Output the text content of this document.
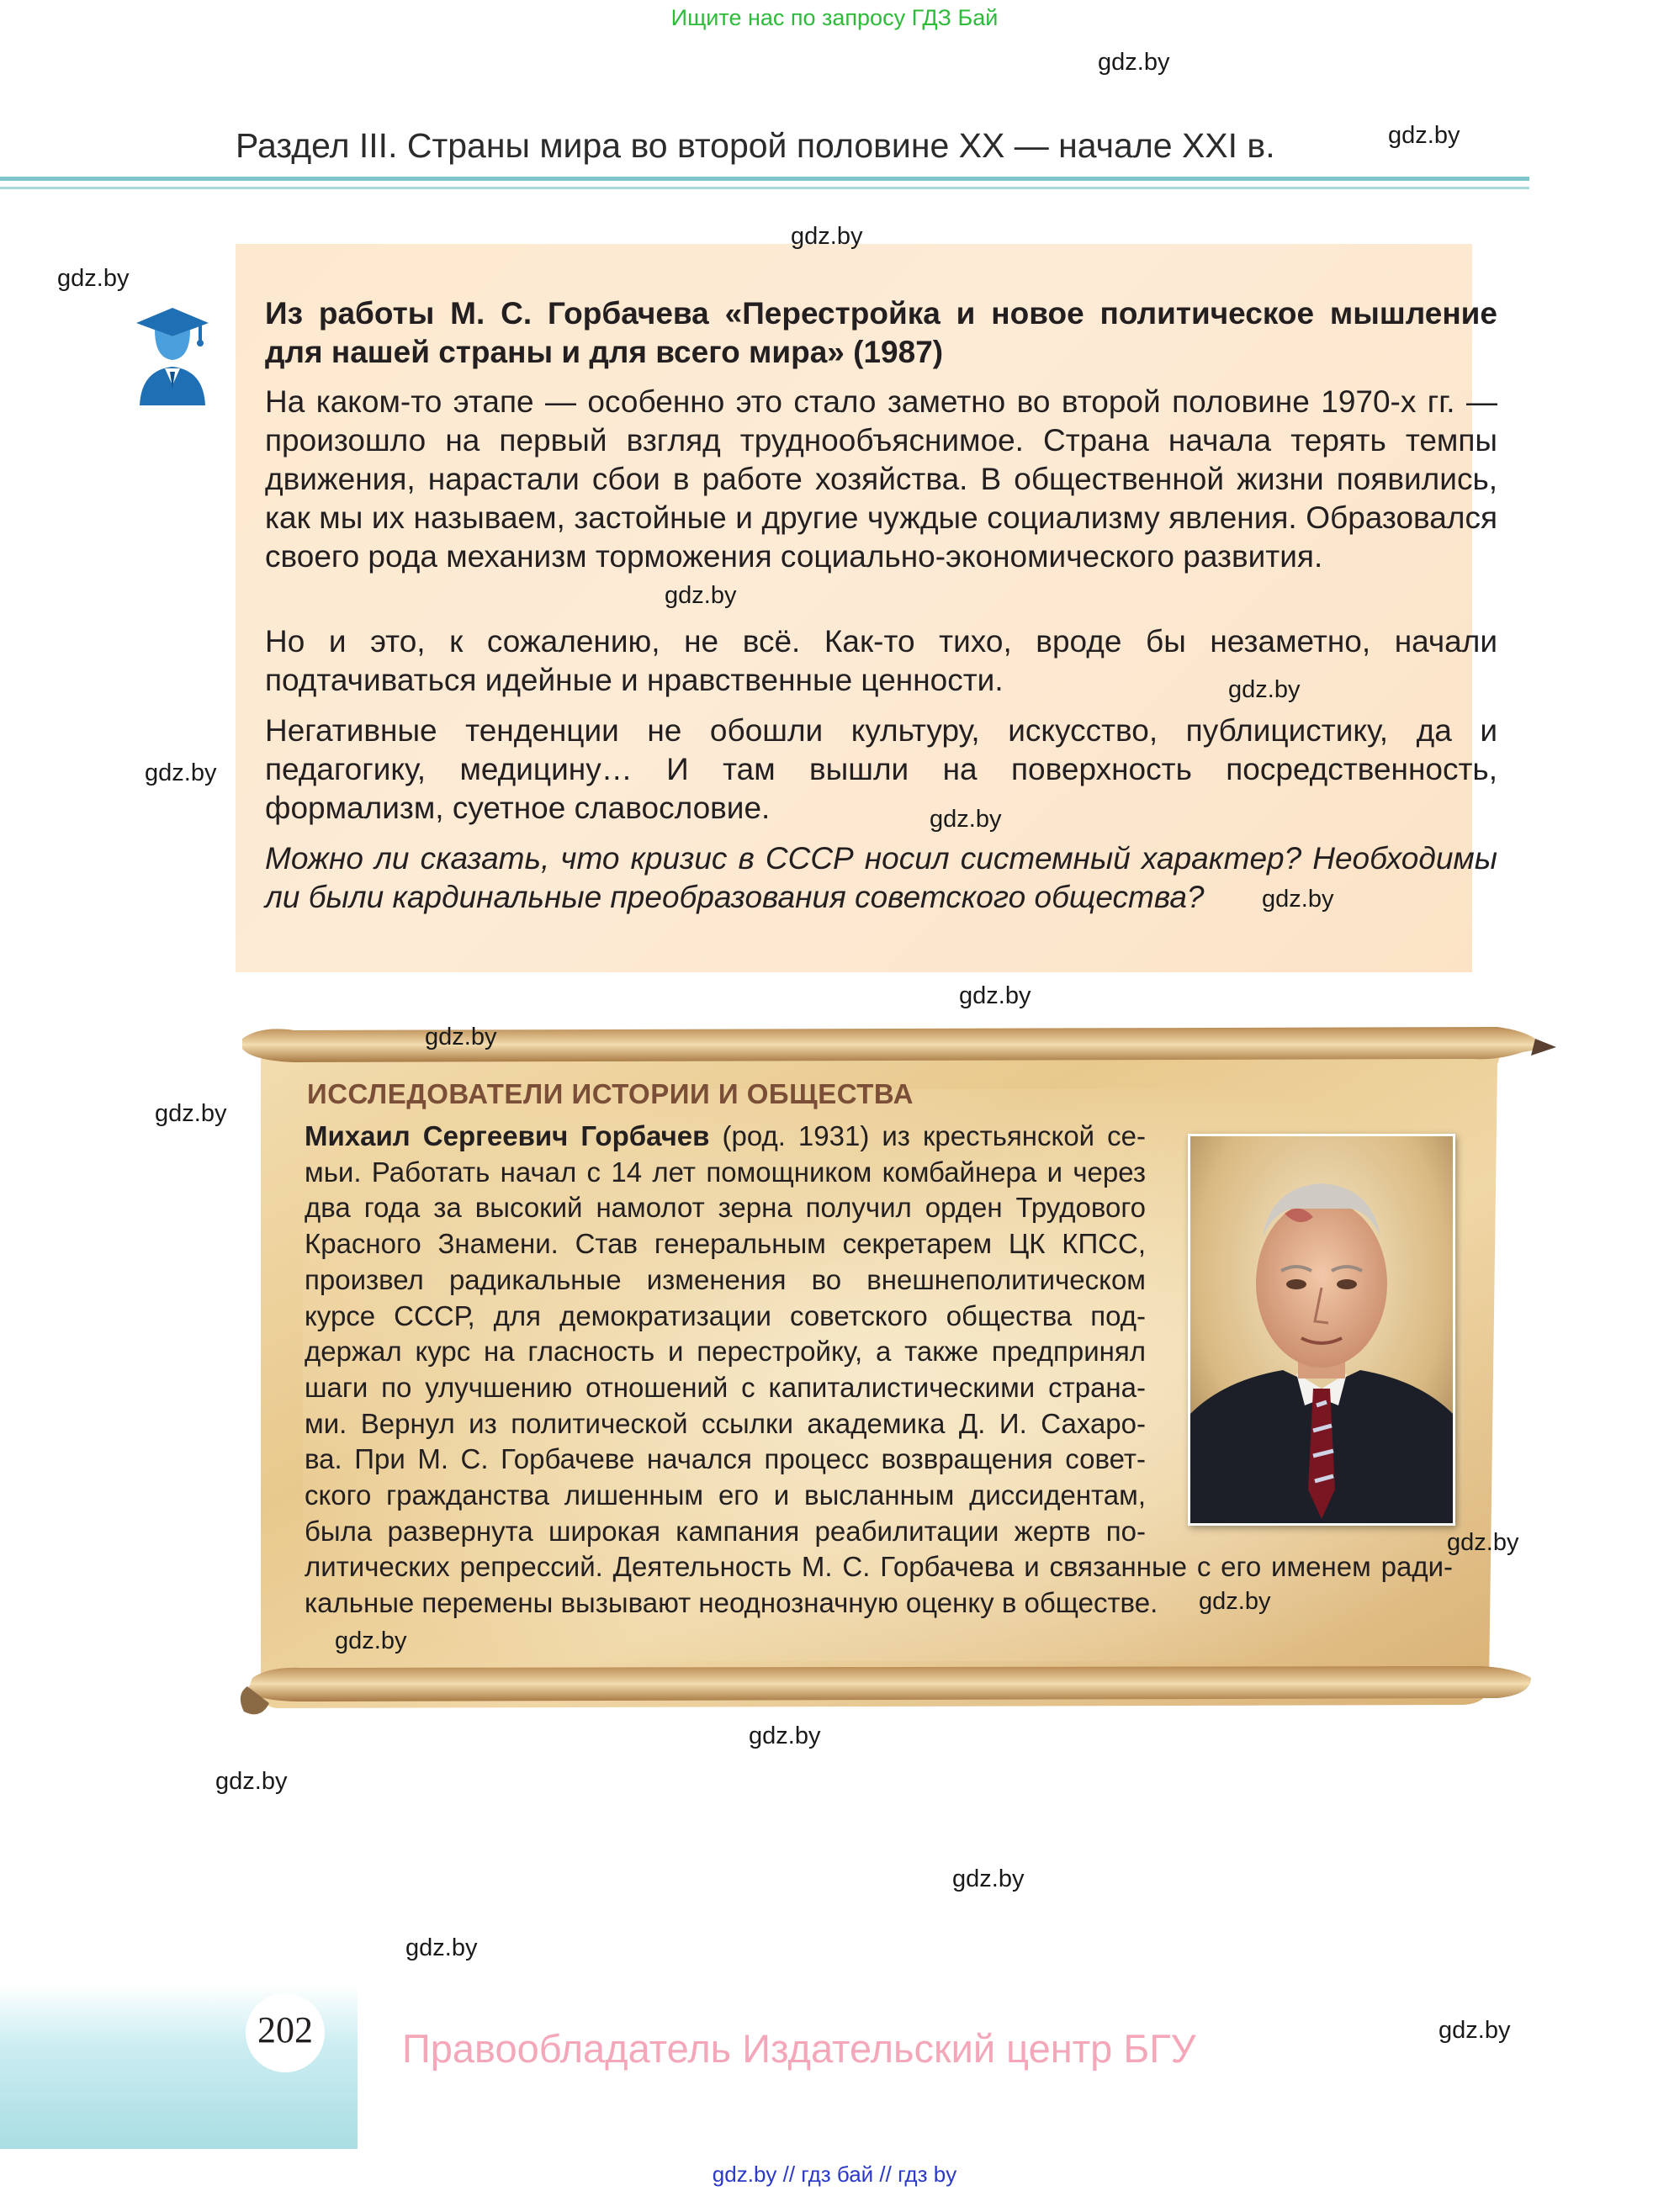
Ищите нас по запросу ГДЗ Бай
Раздел III. Страны мира во второй половине XX — начале XXI в.
Из работы М. С. Горбачева «Перестройка и новое политическое мышление для нашей страны и для всего мира» (1987)
На каком-то этапе — особенно это стало заметно во второй половине 1970-х гг. — произошло на первый взгляд труднообъяснимое. Страна начала терять темпы движения, нарастали сбои в работе хозяйства. В общественной жизни появились, как мы их называем, застойные и другие чуждые социализму явления. Образовался своего рода механизм торможения социально-экономического развития.
Но и это, к сожалению, не всё. Как-то тихо, вроде бы незаметно, начали подтачиваться идейные и нравственные ценности.
Негативные тенденции не обошли культуру, искусство, публицистику, да и педагогику, медицину… И там вышли на поверхность посредственность, формализм, суетное славословие.
Можно ли сказать, что кризис в СССР носил системный характер? Необходимы ли были кардинальные преобразования советского общества?
ИССЛЕДОВАТЕЛИ ИСТОРИИ И ОБЩЕСТВА
Михаил Сергеевич Горбачев (род. 1931) из крестьянской се-
мьи. Работать начал с 14 лет помощником комбайнера и через
два года за высокий намолот зерна получил орден Трудового
Красного Знамени. Став генеральным секретарем ЦК КПСС,
произвел радикальные изменения во внешнеполитическом
курсе СССР, для демократизации советского общества под-
держал курс на гласность и перестройку, а также предпринял
шаги по улучшению отношений с капиталистическими страна-
ми. Вернул из политической ссылки академика Д. И. Сахаро-
ва. При М. С. Горбачеве начался процесс возвращения совет-
ского гражданства лишенным его и высланным диссидентам,
была развернута широкая кампания реабилитации жертв по-
литических репрессий. Деятельность М. С. Горбачева и связанные с его именем ради-
кальные перемены вызывают неоднозначную оценку в обществе.
202 Правообладатель Издательский центр БГУ
gdz.by // гдз бай // гдз by
gdz.by
gdz.by
gdz.by
gdz.by
gdz.by
gdz.by
gdz.by
gdz.by
gdz.by
gdz.by
gdz.by
gdz.by
gdz.by
gdz.by
gdz.by
gdz.by
gdz.by
gdz.by
gdz.by
gdz.by
